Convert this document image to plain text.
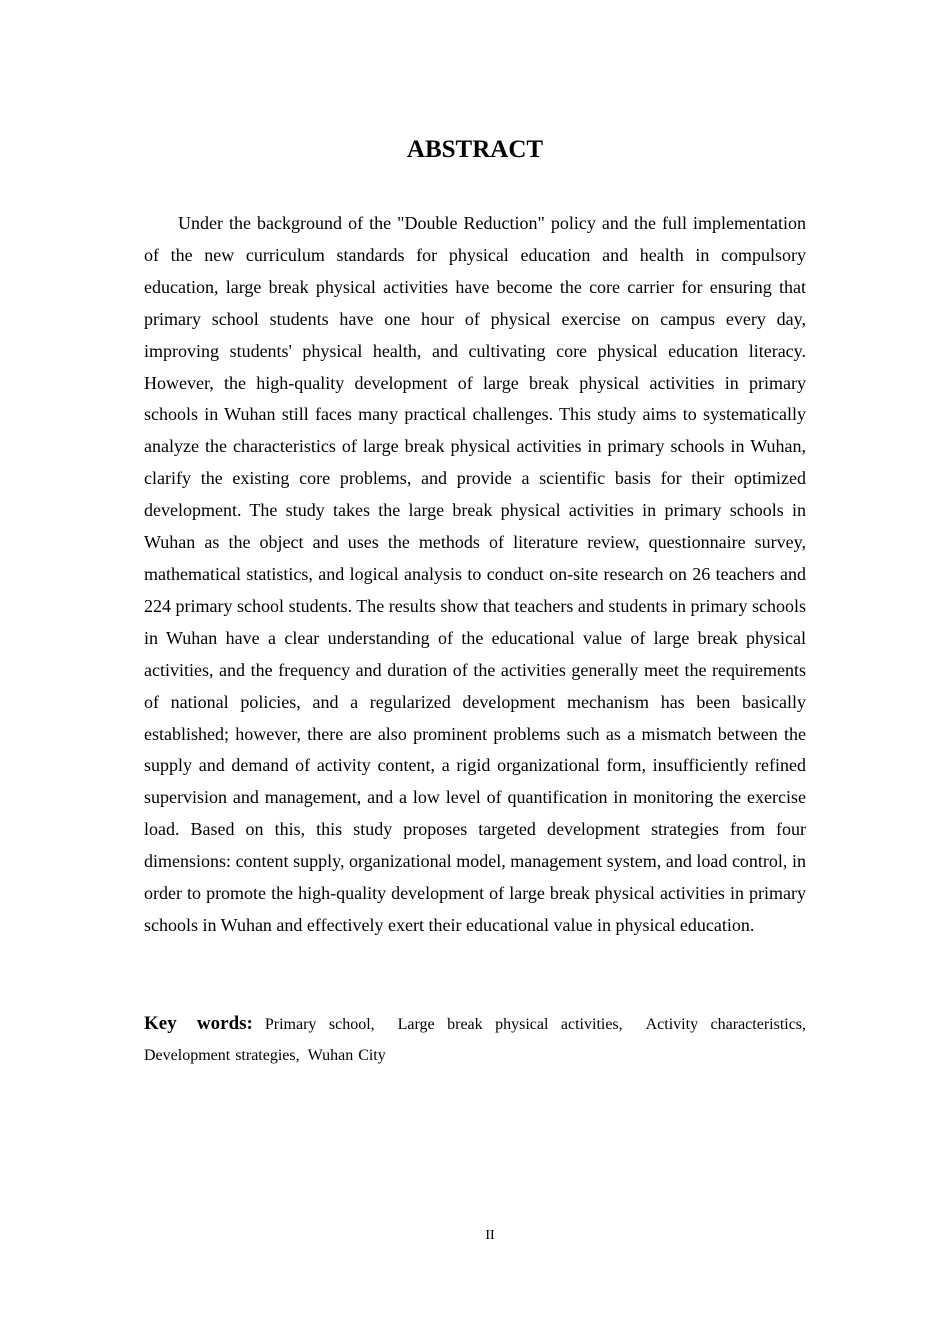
ABSTRACT

Under the background of the "Double Reduction" policy and the full implementation of the new curriculum standards for physical education and health in compulsory education, large break physical activities have become the core carrier for ensuring that primary school students have one hour of physical exercise on campus every day, improving students' physical health, and cultivating core physical education literacy. However, the high-quality development of large break physical activities in primary schools in Wuhan still faces many practical challenges. This study aims to systematically analyze the characteristics of large break physical activities in primary schools in Wuhan, clarify the existing core problems, and provide a scientific basis for their optimized development. The study takes the large break physical activities in primary schools in Wuhan as the object and uses the methods of literature review, questionnaire survey, mathematical statistics, and logical analysis to conduct on-site research on 26 teachers and 224 primary school students. The results show that teachers and students in primary schools in Wuhan have a clear understanding of the educational value of large break physical activities, and the frequency and duration of the activities generally meet the requirements of national policies, and a regularized development mechanism has been basically established; however, there are also prominent problems such as a mismatch between the supply and demand of activity content, a rigid organizational form, insufficiently refined supervision and management, and a low level of quantification in monitoring the exercise load. Based on this, this study proposes targeted development strategies from four dimensions: content supply, organizational model, management system, and load control, in order to promote the high-quality development of large break physical activities in primary schools in Wuhan and effectively exert their educational value in physical education.

Key words: Primary school, Large break physical activities, Activity characteristics, Development strategies, Wuhan City

II
